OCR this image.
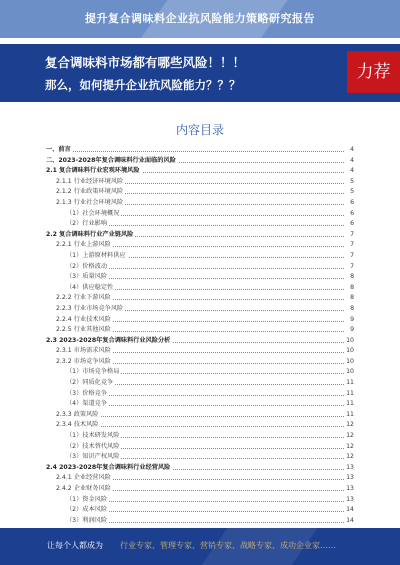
提升复合调味料企业抗风险能力策略研究报告
复合调味料市场都有哪些风险！！！
那么，如何提升企业抗风险能力？？？
力荐
内容目录
一、前言	4
二、2023-2028年复合调味料行业面临的风险	4
2.1 复合调味料行业宏观环境风险	4
2.1.1 行业经济环境风险	5
2.1.2 行业政策环境风险	5
2.1.3 行业社会环境风险	6
（1）社会环境概况	6
（2）行业影响	6
2.2 复合调味料行业产业链风险	7
2.2.1 行业上游风险	7
（1）上游原材料供应	7
（2）价格波动	7
（3）质量风险	8
（4）供应稳定性	8
2.2.2 行业下游风险	8
2.2.3 行业市场竞争风险	8
2.2.4 行业技术风险	9
2.2.5 行业其他风险	9
2.3 2023-2028年复合调味料行业风险分析	10
2.3.1 市场需求风险	10
2.3.2 市场竞争风险	10
（1）市场竞争格局	10
（2）同质化竞争	11
（3）价格竞争	11
（4）渠道竞争	11
2.3.3 政策风险	11
2.3.4 技术风险	12
（1）技术研发风险	12
（2）技术替代风险	12
（3）知识产权风险	12
2.4 2023-2028年复合调味料行业经营风险	13
2.4.1 企业经营风险	13
2.4.2 企业财务风险	13
（1）资金风险	13
（2）成本风险	14
（3）利润风险	14
让每个人都成为 行业专家、管理专家、营销专家、战略专家、成功企业家……
